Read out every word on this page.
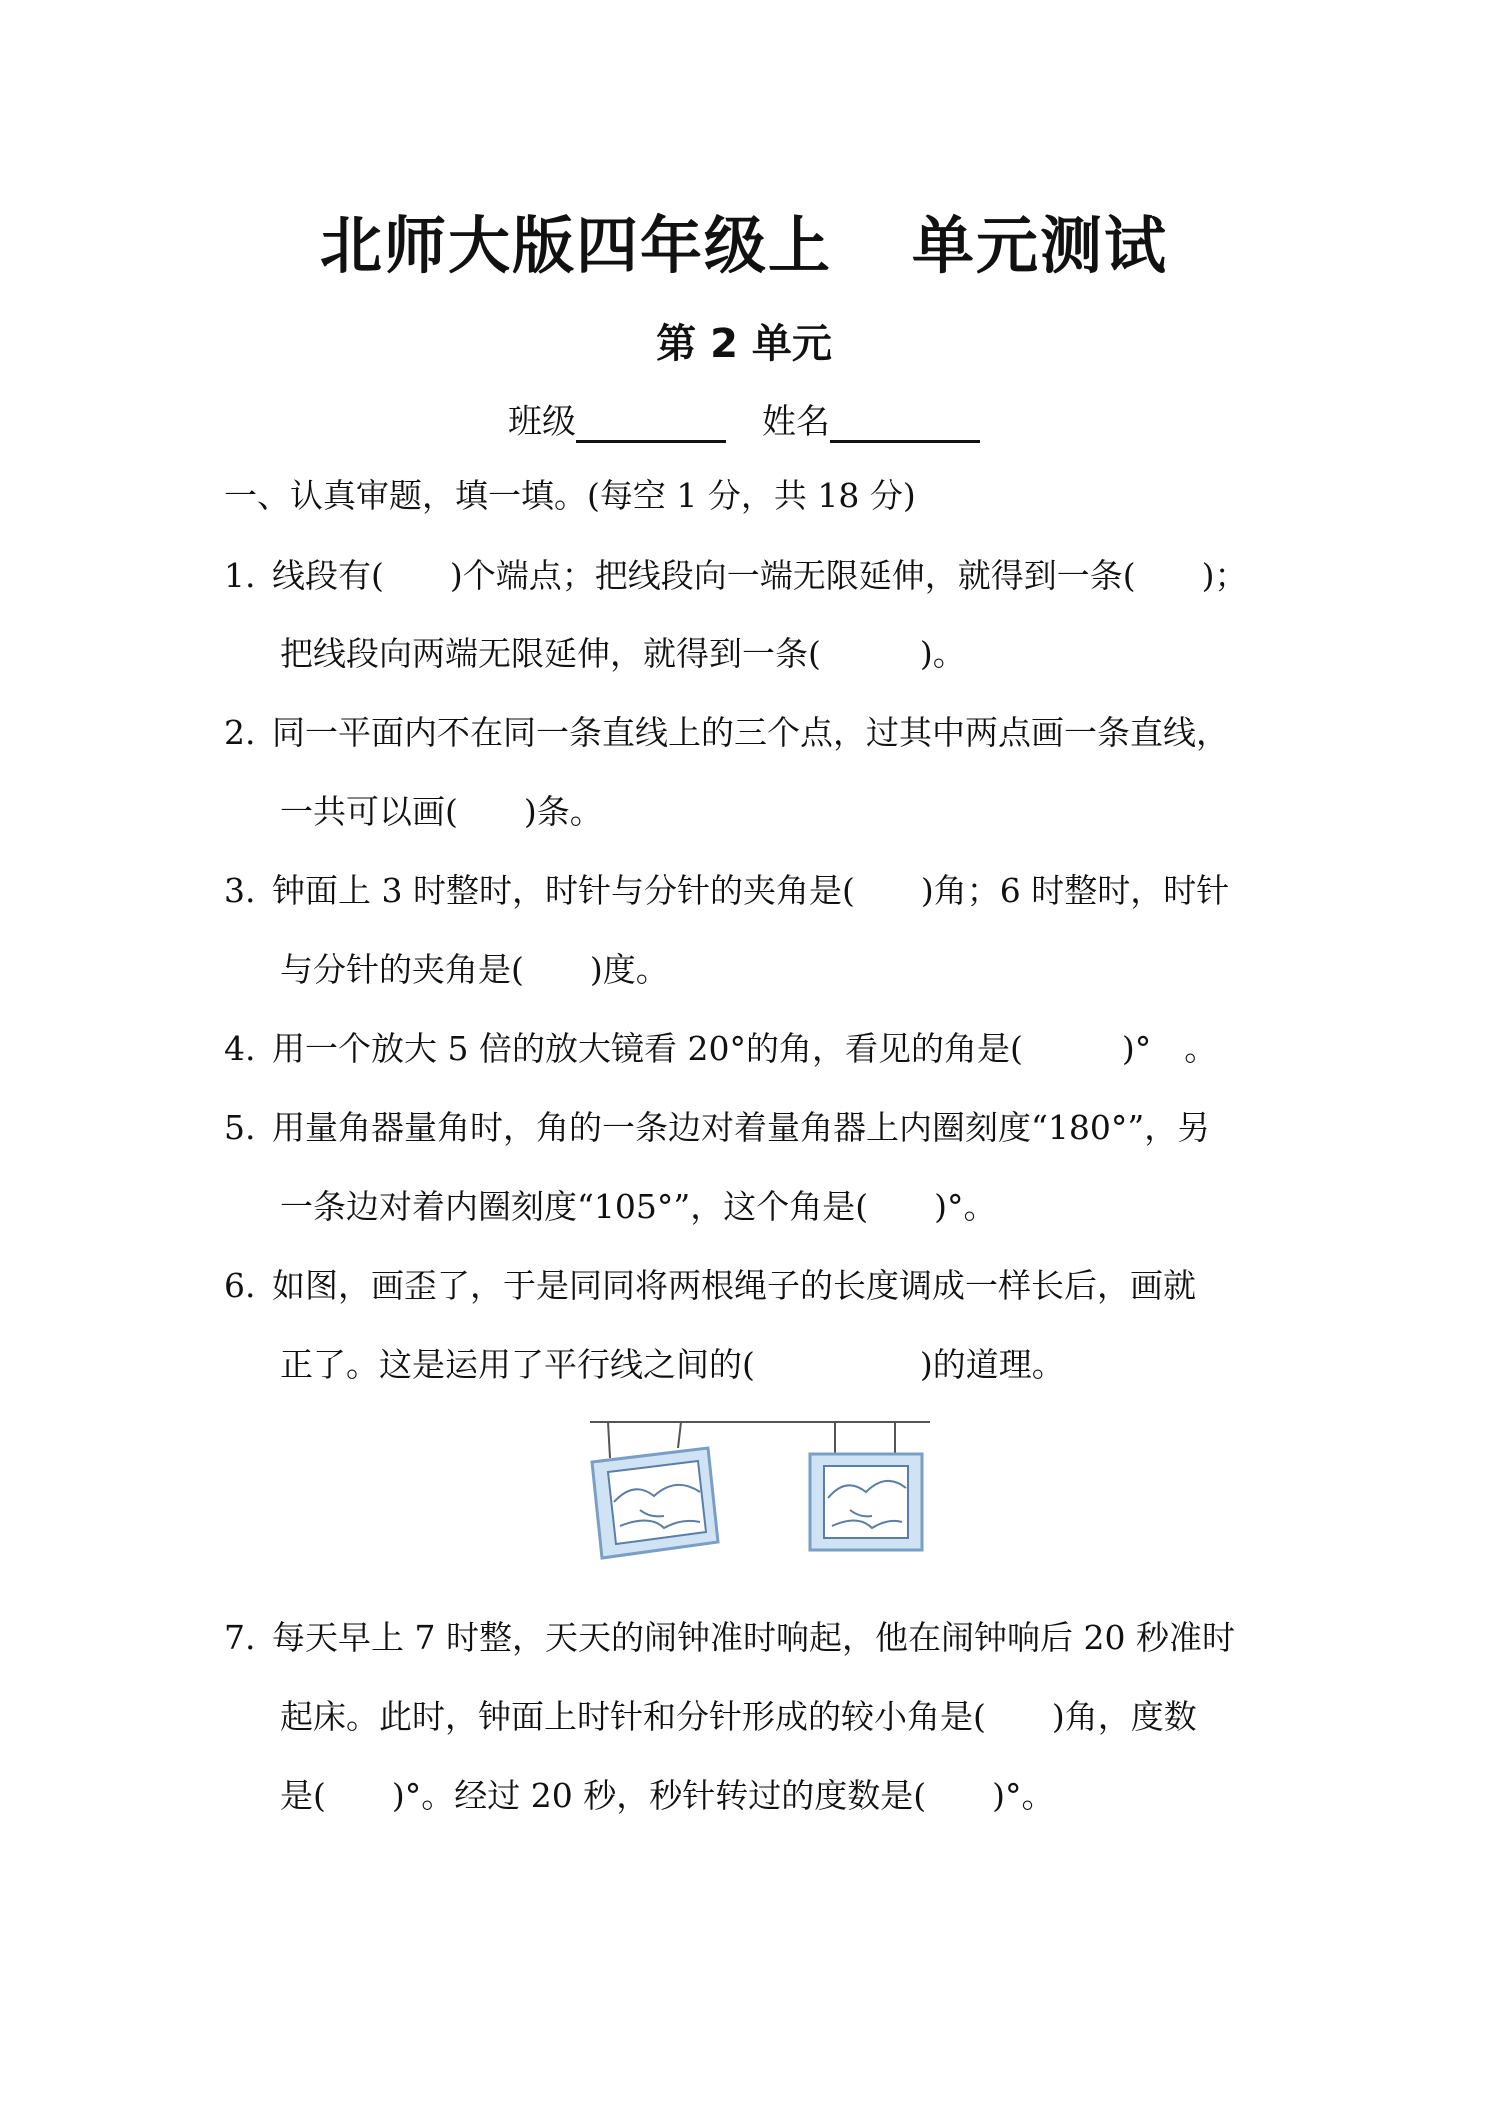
北师大版四年级上 单元测试
第 2 单元
班级	姓名
一、认真审题，填一填。(每空 1 分，共 18 分)
1. 线段有(　　)个端点；把线段向一端无限延伸，就得到一条(　　)；
把线段向两端无限延伸，就得到一条(　　　)。
2. 同一平面内不在同一条直线上的三个点，过其中两点画一条直线，
一共可以画(　　)条。
3. 钟面上 3 时整时，时针与分针的夹角是(　　)角；6 时整时，时针
与分针的夹角是(　　)度。
4. 用一个放大 5 倍的放大镜看 20°的角，看见的角是(　　　)°　。
5. 用量角器量角时，角的一条边对着量角器上内圈刻度“180°”，另
一条边对着内圈刻度“105°”，这个角是(　　)°。
6. 如图，画歪了，于是同同将两根绳子的长度调成一样长后，画就
正了。这是运用了平行线之间的(　　　　　)的道理。
7. 每天早上 7 时整，天天的闹钟准时响起，他在闹钟响后 20 秒准时
起床。此时，钟面上时针和分针形成的较小角是(　　)角，度数
是(　　)°。经过 20 秒，秒针转过的度数是(　　)°。
